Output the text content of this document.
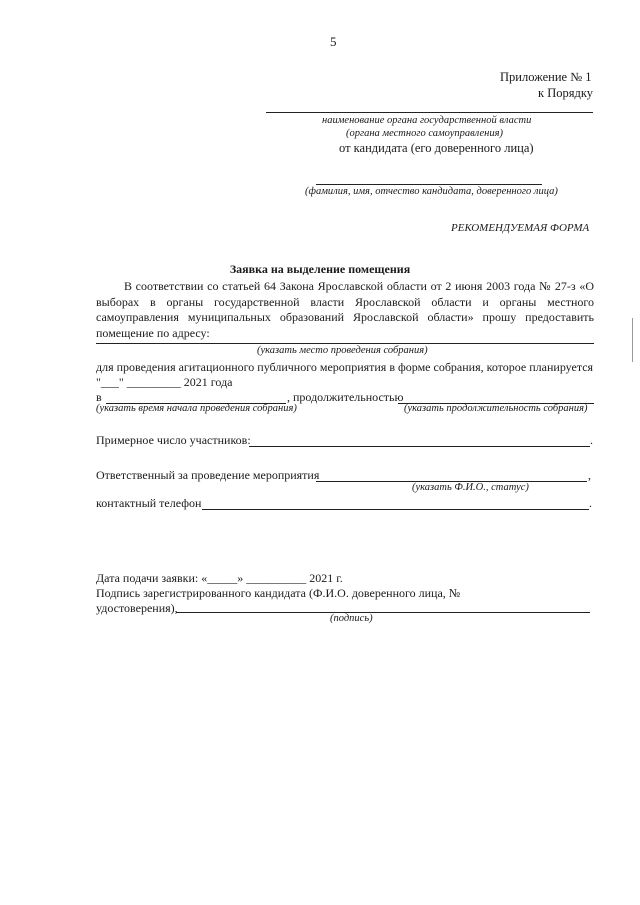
5
Приложение № 1
к Порядку
наименование органа государственной власти
(органа местного самоуправления)
от кандидата (его доверенного лица)
(фамилия, имя, отчество кандидата, доверенного лица)
РЕКОМЕНДУЕМАЯ ФОРМА
Заявка на выделение помещения
В соответствии со статьей 64 Закона Ярославской области от 2 июня 2003 года № 27-з «О выборах в органы государственной власти Ярославской области и органы местного самоуправления муниципальных образований Ярославской области» прошу предоставить помещение по адресу:
(указать место проведения собрания)
для проведения агитационного публичного мероприятия в форме собрания, которое планируется
"___" _________ 2021 года
в	, продолжительностью
(указать время начала проведения собрания)	(указать продолжительность собрания)
Примерное число участников:	.
Ответственный за проведение мероприятия	,
(указать Ф.И.О., статус)
контактный телефон	.
Дата подачи заявки: «_____» __________ 2021 г.
Подпись зарегистрированного кандидата (Ф.И.О. доверенного лица, №
удостоверения),
(подпись)
